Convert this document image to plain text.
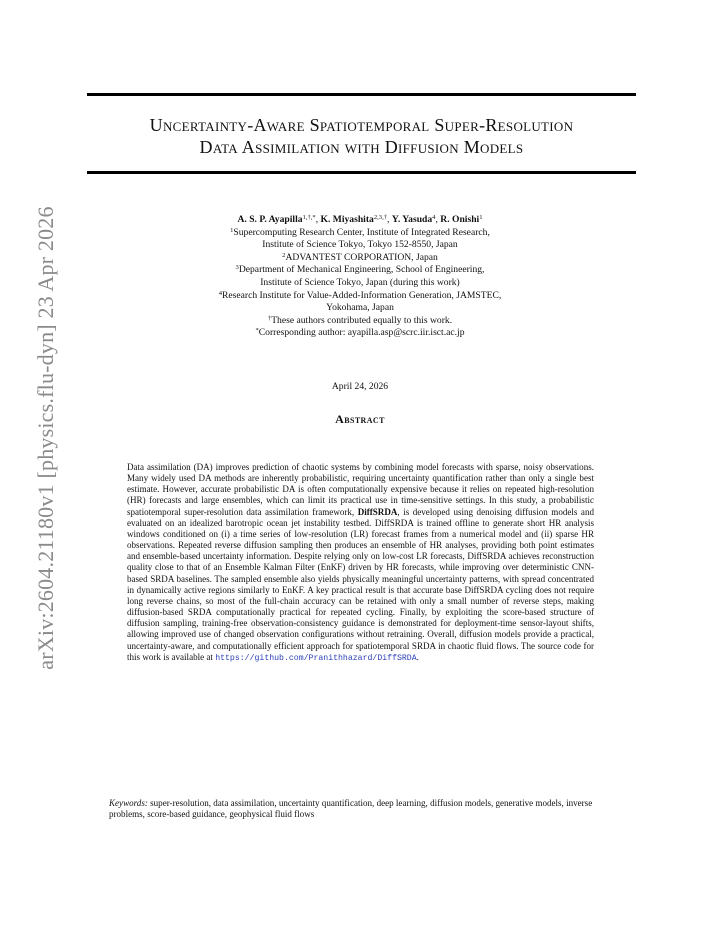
arXiv:2604.21180v1 [physics.flu-dyn] 23 Apr 2026
Uncertainty-Aware Spatiotemporal Super-Resolution
Data Assimilation with Diffusion Models
A. S. P. Ayapilla$^{1,\dagger,*}$, K. Miyashita$^{2,3,\dagger}$, Y. Yasuda$^4$, R. Onishi$^1$
$^1$Supercomputing Research Center, Institute of Integrated Research,
Institute of Science Tokyo, Tokyo 152-8550, Japan
$^2$ADVANTEST CORPORATION, Japan
$^3$Department of Mechanical Engineering, School of Engineering,
Institute of Science Tokyo, Japan (during this work)
$^4$Research Institute for Value-Added-Information Generation, JAMSTEC,
Yokohama, Japan
†These authors contributed equally to this work.
*Corresponding author: ayapilla.asp@scrc.iir.isct.ac.jp
April 24, 2026
Abstract
Data assimilation (DA) improves prediction of chaotic systems by combining model forecasts with sparse, noisy observations. Many widely used DA methods are inherently probabilistic, requiring uncertainty quantification rather than only a single best estimate. However, accurate probabilistic DA is often computationally expensive because it relies on repeated high-resolution (HR) forecasts and large ensembles, which can limit its practical use in time-sensitive settings. In this study, a probabilistic spatiotemporal super-resolution data assimilation framework, DiffSRDA, is developed using denoising diffusion models and evaluated on an idealized barotropic ocean jet instability testbed. DiffSRDA is trained offline to generate short HR analysis windows conditioned on (i) a time series of low-resolution (LR) forecast frames from a numerical model and (ii) sparse HR observations. Repeated reverse diffusion sampling then produces an ensemble of HR analyses, providing both point estimates and ensemble-based uncertainty information. Despite relying only on low-cost LR forecasts, DiffSRDA achieves reconstruction quality close to that of an Ensemble Kalman Filter (EnKF) driven by HR forecasts, while improving over deterministic CNN-based SRDA baselines. The sampled ensemble also yields physically meaningful uncertainty patterns, with spread concentrated in dynamically active regions similarly to EnKF. A key practical result is that accurate base DiffSRDA cycling does not require long reverse chains, so most of the full-chain accuracy can be retained with only a small number of reverse steps, making diffusion-based SRDA computationally practical for repeated cycling. Finally, by exploiting the score-based structure of diffusion sampling, training-free observation-consistency guidance is demonstrated for deployment-time sensor-layout shifts, allowing improved use of changed observation configurations without retraining. Overall, diffusion models provide a practical, uncertainty-aware, and computationally efficient approach for spatiotemporal SRDA in chaotic fluid flows. The source code for this work is available at https://github.com/Pranithhazard/DiffSRDA.
Keywords: super-resolution, data assimilation, uncertainty quantification, deep learning, diffusion models, generative models, inverse problems, score-based guidance, geophysical fluid flows
